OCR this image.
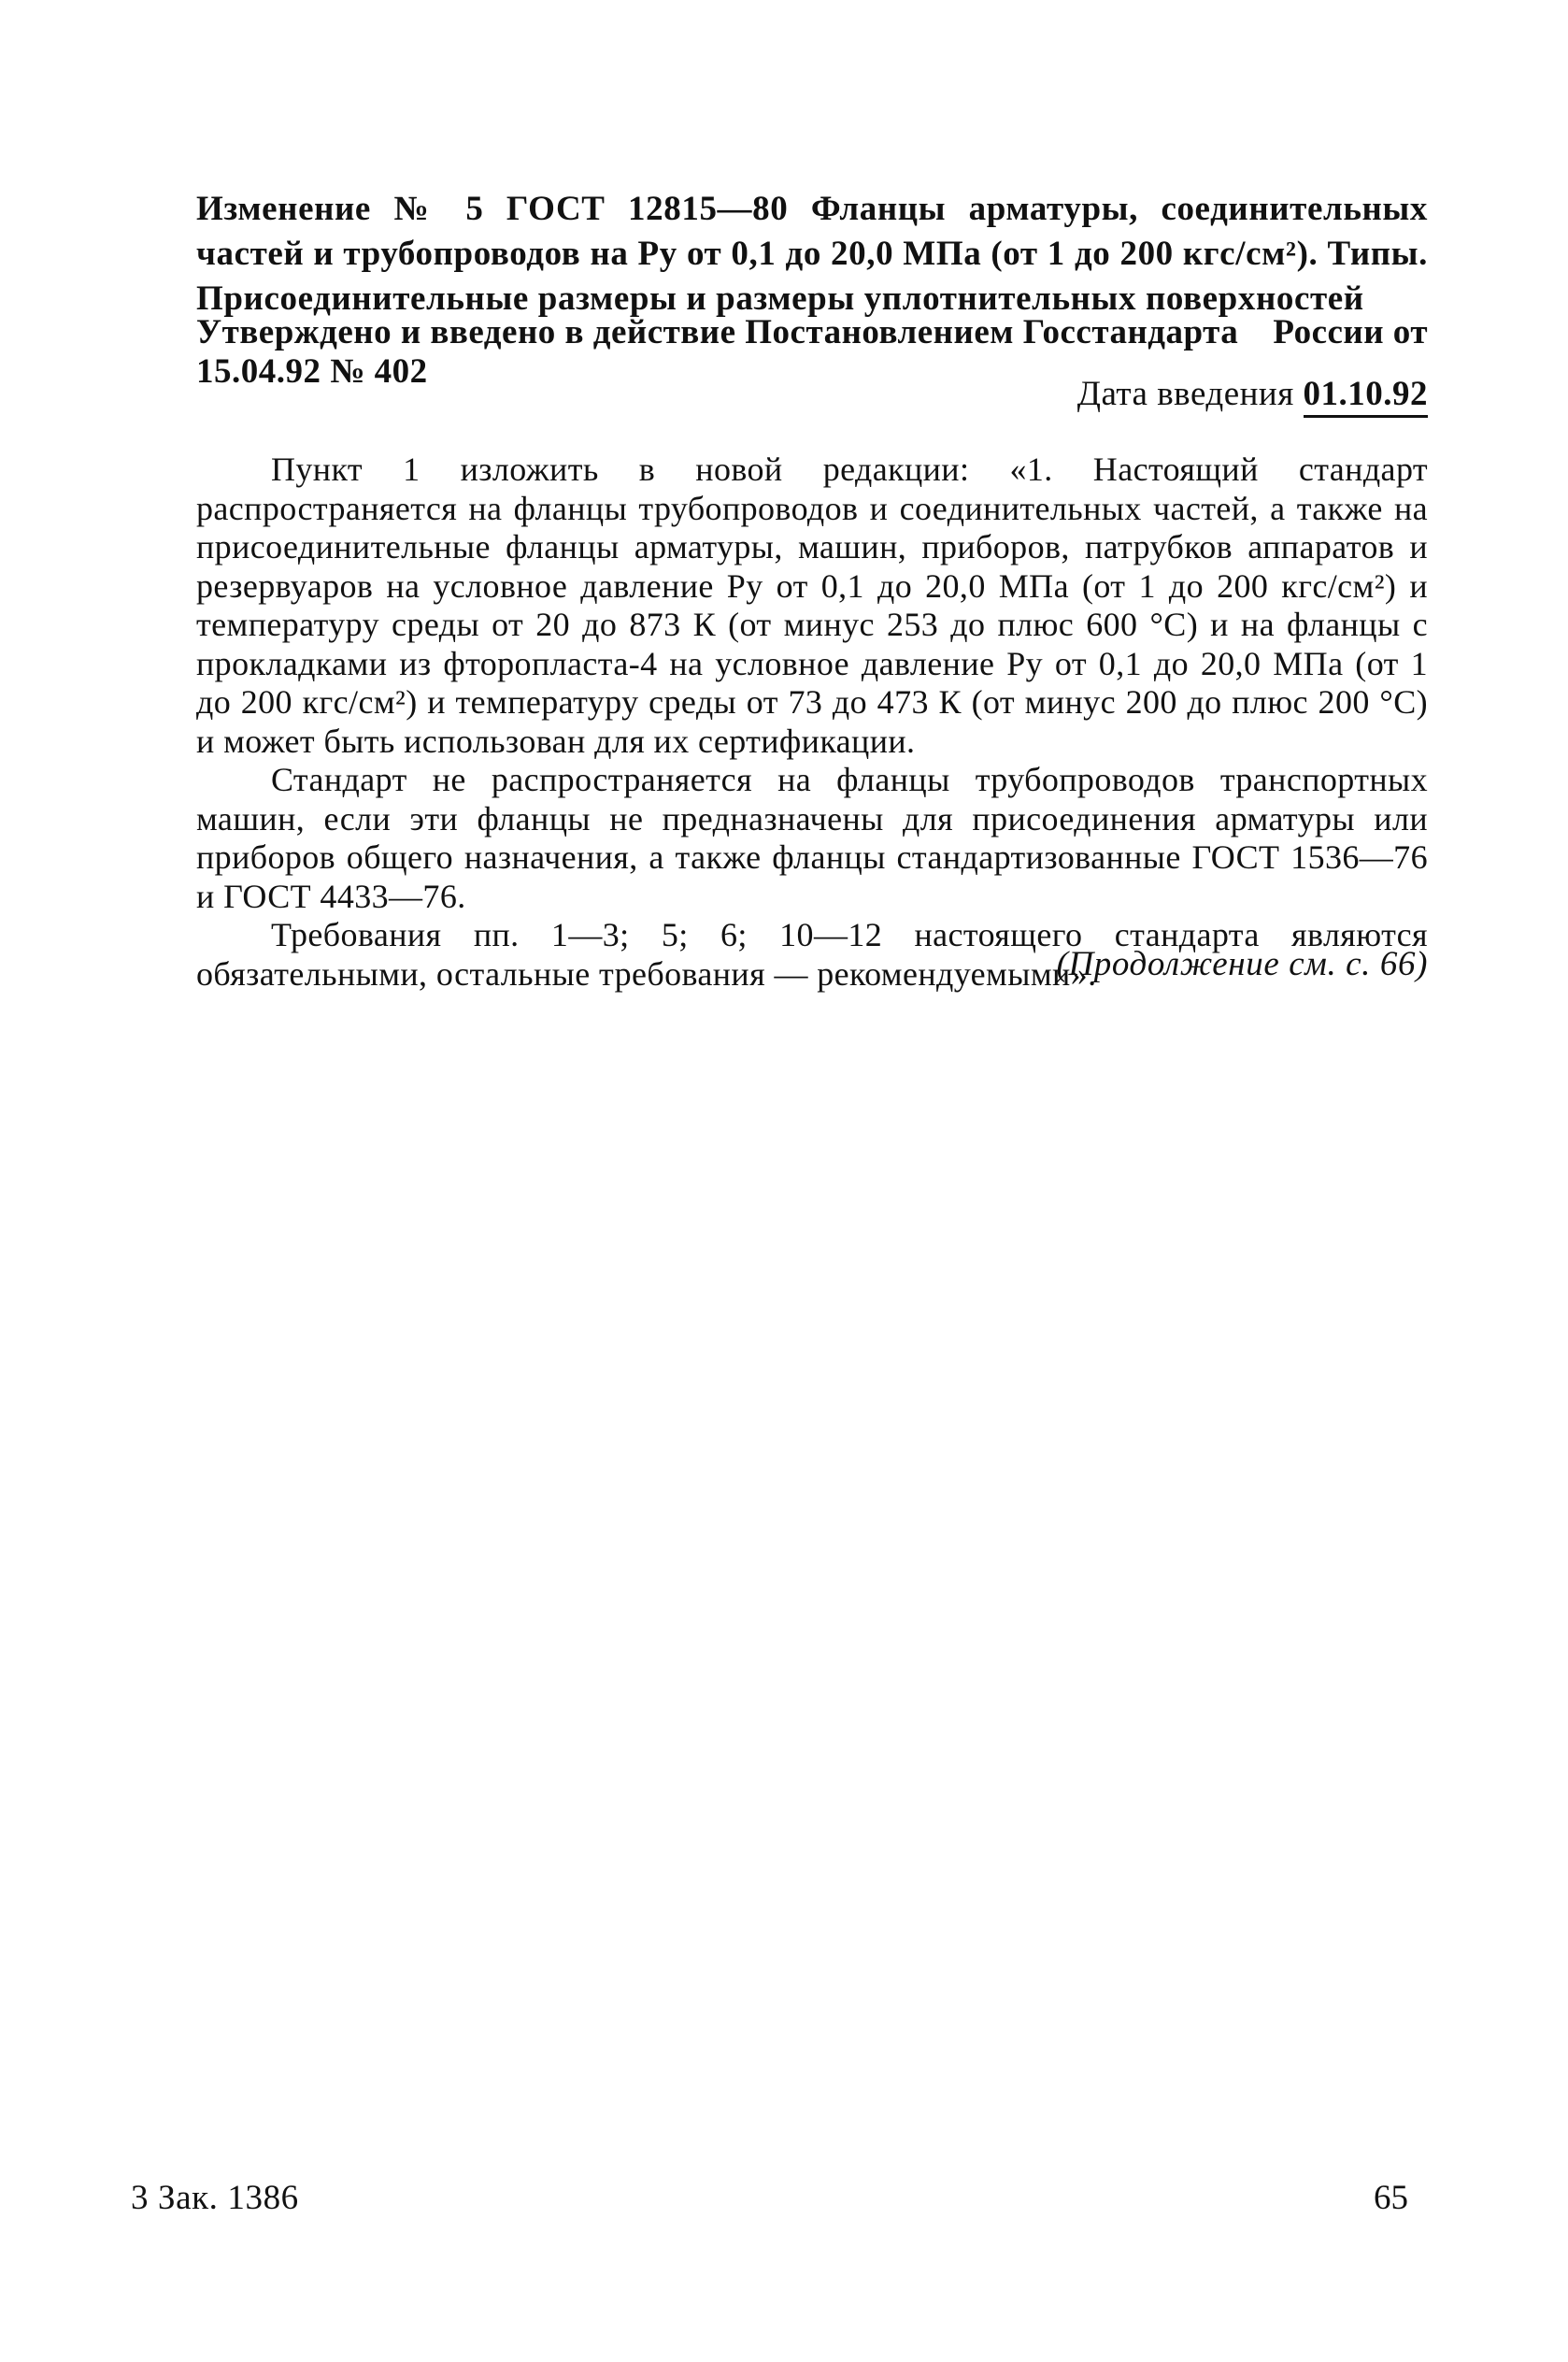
Изменение № 5 ГОСТ 12815—80 Фланцы арматуры, соединительных частей и трубопроводов на Pу от 0,1 до 20,0 МПа (от 1 до 200 кгс/см²). Типы. Присоединительные размеры и размеры уплотнительных поверхностей
Утверждено и введено в действие Постановлением Госстандарта России от
15.04.92 № 402
Дата введения 01.10.92

Пункт 1 изложить в новой редакции: «1. Настоящий стандарт распространяется на фланцы трубопроводов и соединительных частей, а также на присоединительные фланцы арматуры, машин, приборов, патрубков аппаратов и резервуаров на условное давление Pу от 0,1 до 20,0 МПа (от 1 до 200 кгс/см²) и температуру среды от 20 до 873 К (от минус 253 до плюс 600 °С) и на фланцы с прокладками из фторопласта-4 на условное давление Pу от 0,1 до 20,0 МПа (от 1 до 200 кгс/см²) и температуру среды от 73 до 473 К (от минус 200 до плюс 200 °С) и может быть использован для их сертификации.

Стандарт не распространяется на фланцы трубопроводов транспортных машин, если эти фланцы не предназначены для присоединения арматуры или приборов общего назначения, а также фланцы стандартизованные ГОСТ 1536—76 и ГОСТ 4433—76.

Требования пп. 1—3; 5; 6; 10—12 настоящего стандарта являются обязательными, остальные требования — рекомендуемыми».

(Продолжение см. с. 66)
3 Зак. 1386	65
